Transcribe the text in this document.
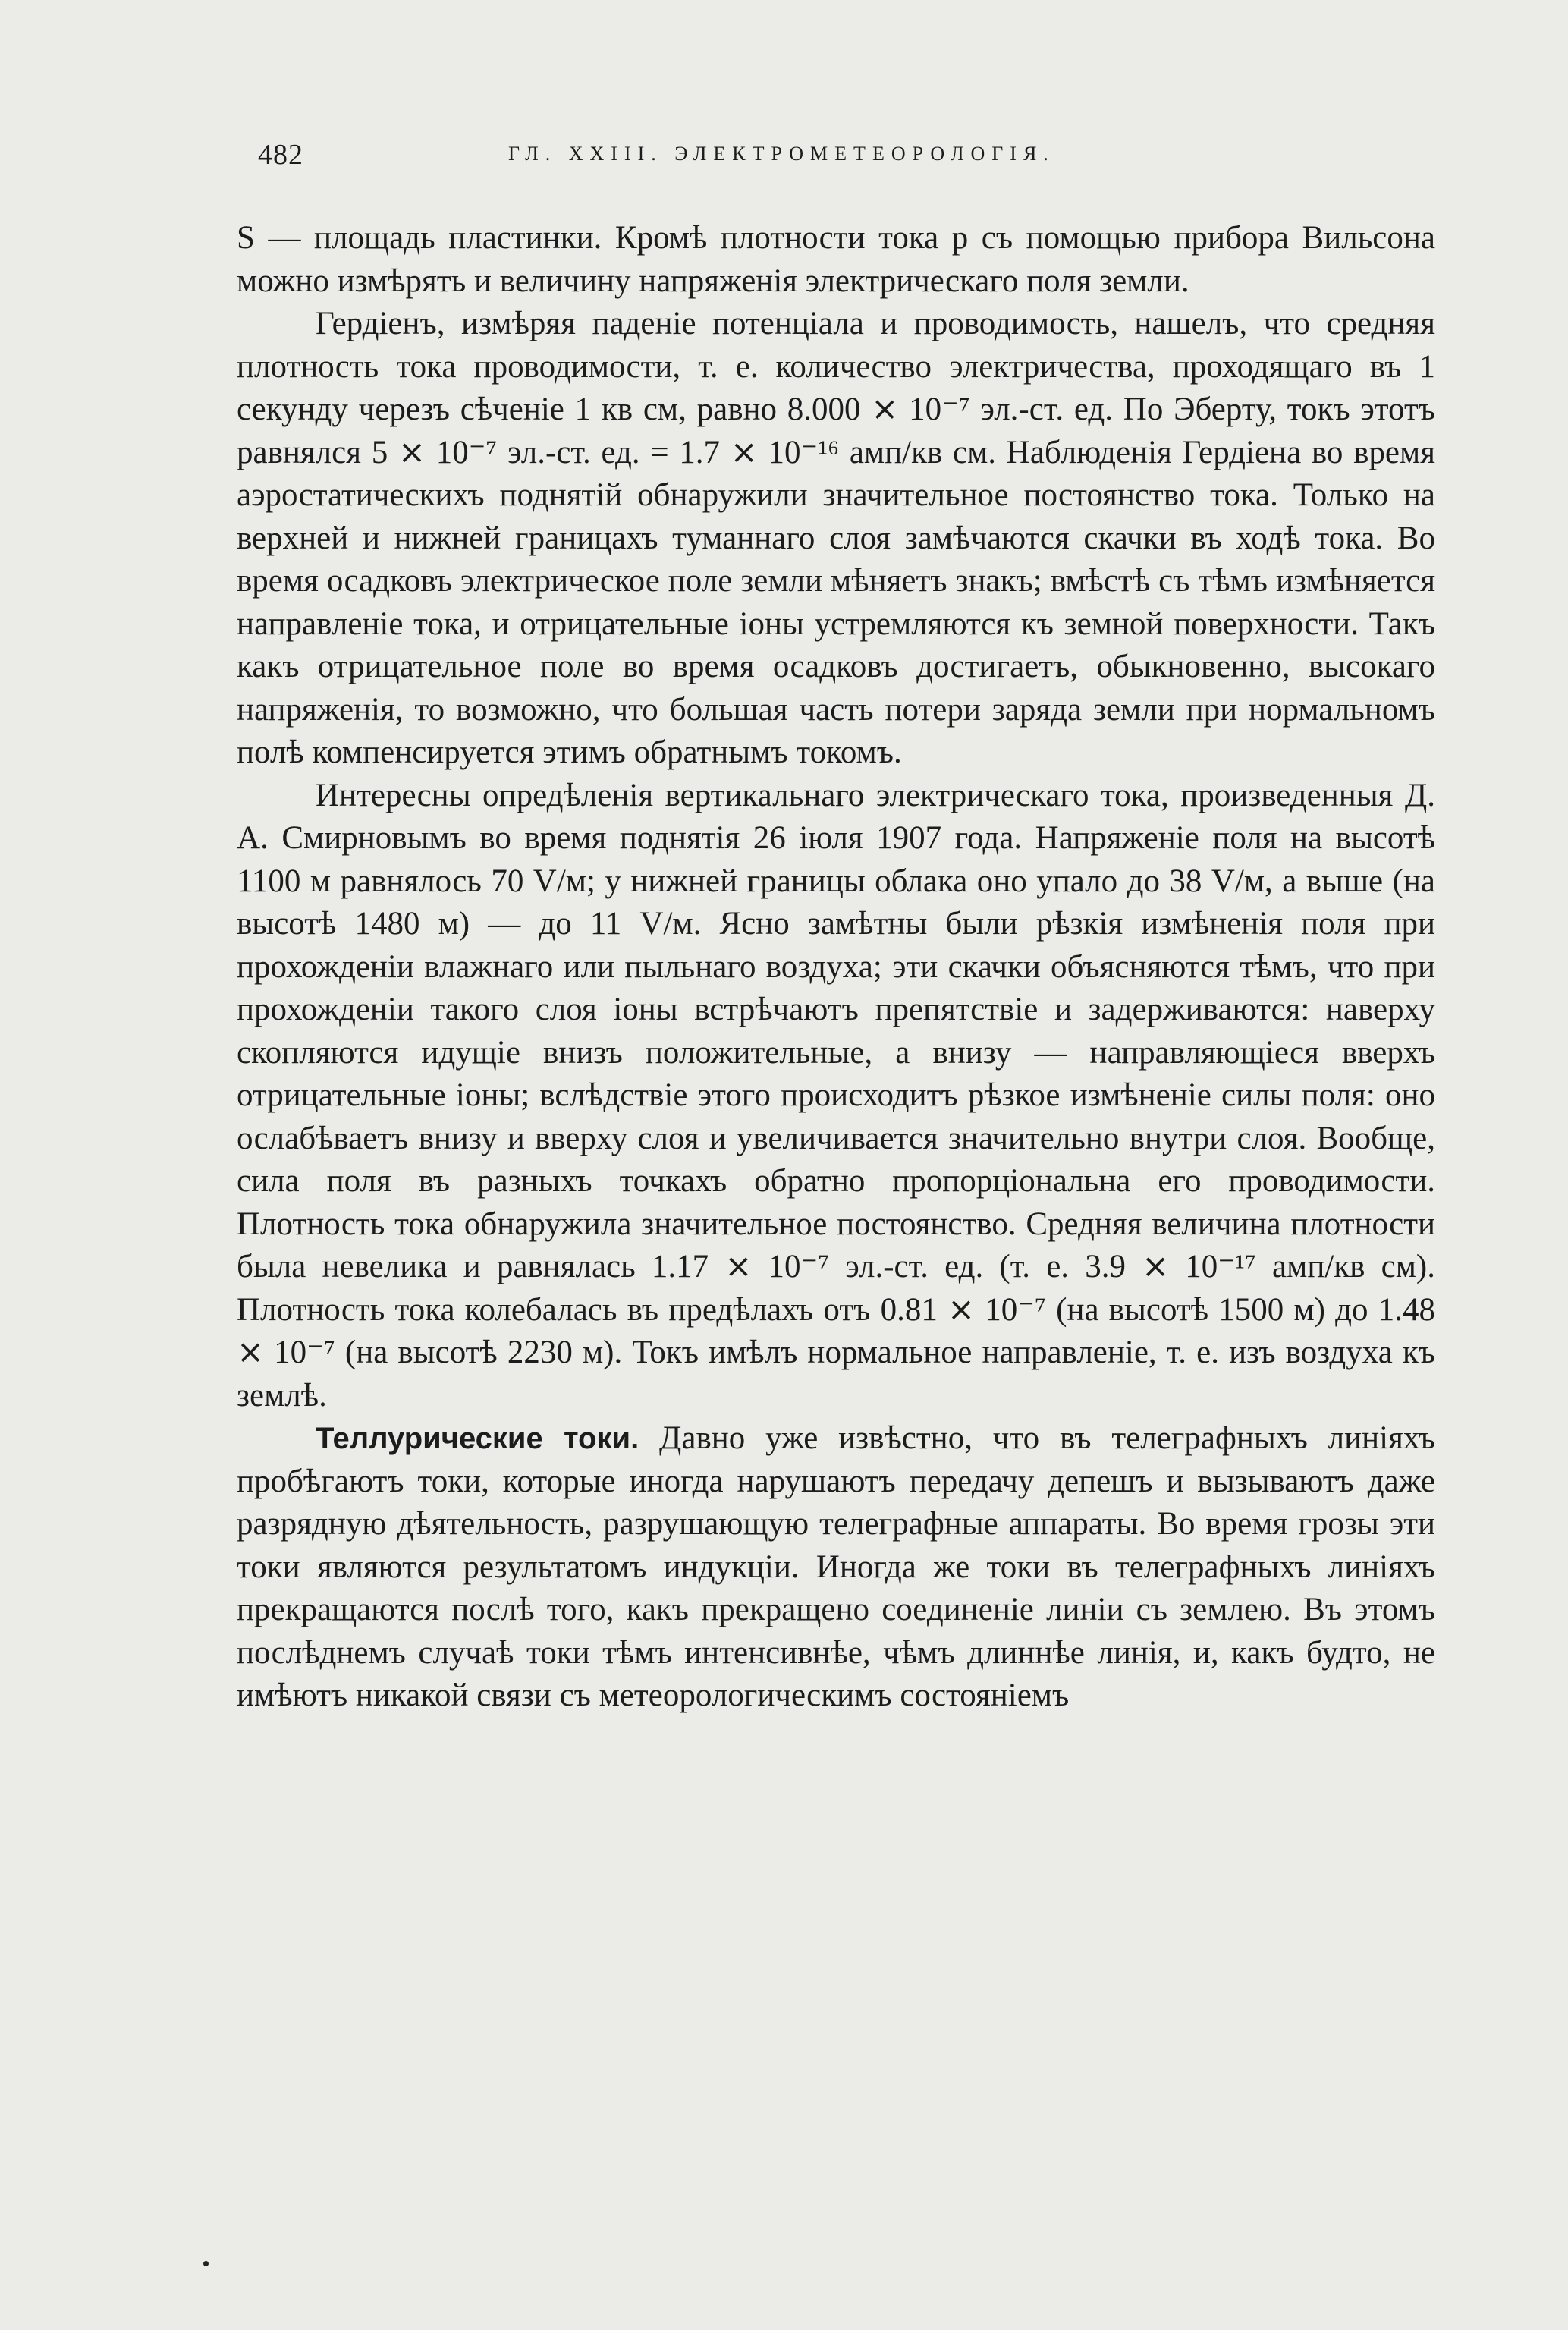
482	ГЛ. XXIII. ЭЛЕКТРОМЕТЕОРОЛОГIЯ.

S — площадь пластинки. Кромѣ плотности тока p съ помощью прибора Вильсона можно измѣрять и величину напряженiя электрическаго поля земли.

Гердiенъ, измѣряя паденiе потенцiала и проводимость, нашелъ, что средняя плотность тока проводимости, т. е. количество электричества, проходящаго въ 1 секунду черезъ сѣченiе 1 кв см, равно 8.000 ⨯ 10⁻⁷ эл.-ст. ед. По Эберту, токъ этотъ равнялся 5 ⨯ 10⁻⁷ эл.-ст. ед. = 1.7 ⨯ 10⁻¹⁶ амп/кв см. Наблюденiя Гердiена во время аэростатическихъ поднятiй обнаружили значительное постоянство тока. Только на верхней и нижней границахъ туманнаго слоя замѣчаются скачки въ ходѣ тока. Во время осадковъ электрическое поле земли мѣняетъ знакъ; вмѣстѣ съ тѣмъ измѣняется направленiе тока, и отрицательные iоны устремляются къ земной поверхности. Такъ какъ отрицательное поле во время осадковъ достигаетъ, обыкновенно, высокаго напряженiя, то возможно, что большая часть потери заряда земли при нормальномъ полѣ компенсируется этимъ обратнымъ токомъ.

Интересны опредѣленiя вертикальнаго электрическаго тока, произведенныя Д. А. Смирновымъ во время поднятiя 26 iюля 1907 года. Напряженiе поля на высотѣ 1100 м равнялось 70 V/м; у нижней границы облака оно упало до 38 V/м, а выше (на высотѣ 1480 м) — до 11 V/м. Ясно замѣтны были рѣзкiя измѣненiя поля при прохожденiи влажнаго или пыльнаго воздуха; эти скачки объясняются тѣмъ, что при прохожденiи такого слоя iоны встрѣчаютъ препятствiе и задерживаются: наверху скопляются идущiе внизъ положительные, а внизу — направляющiеся вверхъ отрицательные iоны; вслѣдствiе этого происходитъ рѣзкое измѣненiе силы поля: оно ослабѣваетъ внизу и вверху слоя и увеличивается значительно внутри слоя. Вообще, сила поля въ разныхъ точкахъ обратно пропорцiональна его проводимости. Плотность тока обнаружила значительное постоянство. Средняя величина плотности была невелика и равнялась 1.17 ⨯ 10⁻⁷ эл.-ст. ед. (т. е. 3.9 ⨯ 10⁻¹⁷ амп/кв см). Плотность тока колебалась въ предѣлахъ отъ 0.81 ⨯ 10⁻⁷ (на высотѣ 1500 м) до 1.48 ⨯ 10⁻⁷ (на высотѣ 2230 м). Токъ имѣлъ нормальное направленiе, т. е. изъ воздуха къ землѣ.

Теллурические токи. Давно уже извѣстно, что въ телеграфныхъ линiяхъ пробѣгаютъ токи, которые иногда нарушаютъ передачу депешъ и вызываютъ даже разрядную дѣятельность, разрушающую телеграфные аппараты. Во время грозы эти токи являются результатомъ индукцiи. Иногда же токи въ телеграфныхъ линiяхъ прекращаются послѣ того, какъ прекращено соединенiе линiи съ землею. Въ этомъ послѣднемъ случаѣ токи тѣмъ интенсивнѣе, чѣмъ длиннѣе линiя, и, какъ будто, не имѣютъ никакой связи съ метеорологическимъ состоянiемъ
